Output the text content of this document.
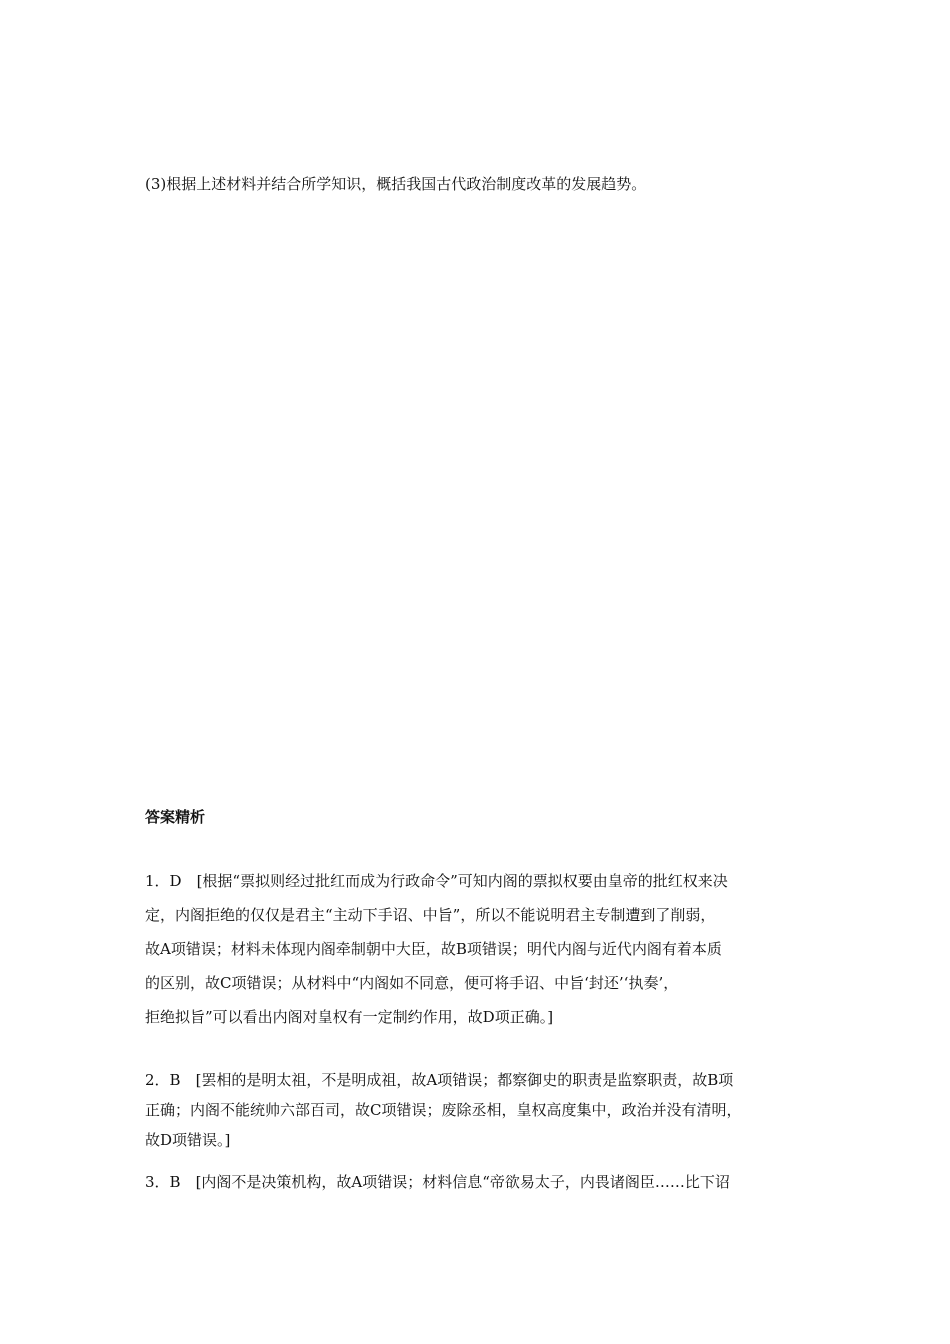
(3)根据上述材料并结合所学知识，概括我国古代政治制度改革的发展趋势。
答案精析
1．D　[根据“票拟则经过批红而成为行政命令”可知内阁的票拟权要由皇帝的批红权来决
定，内阁拒绝的仅仅是君主“主动下手诏、中旨”，所以不能说明君主专制遭到了削弱，
故A项错误；材料未体现内阁牵制朝中大臣，故B项错误；明代内阁与近代内阁有着本质
的区别，故C项错误；从材料中“内阁如不同意，便可将手诏、中旨‘封还’‘执奏’，
拒绝拟旨”可以看出内阁对皇权有一定制约作用，故D项正确。]
2．B　[罢相的是明太祖，不是明成祖，故A项错误；都察御史的职责是监察职责，故B项
正确；内阁不能统帅六部百司，故C项错误；废除丞相，皇权高度集中，政治并没有清明，
故D项错误。]
3．B　[内阁不是决策机构，故A项错误；材料信息“帝欲易太子，内畏诸阁臣……比下诏
